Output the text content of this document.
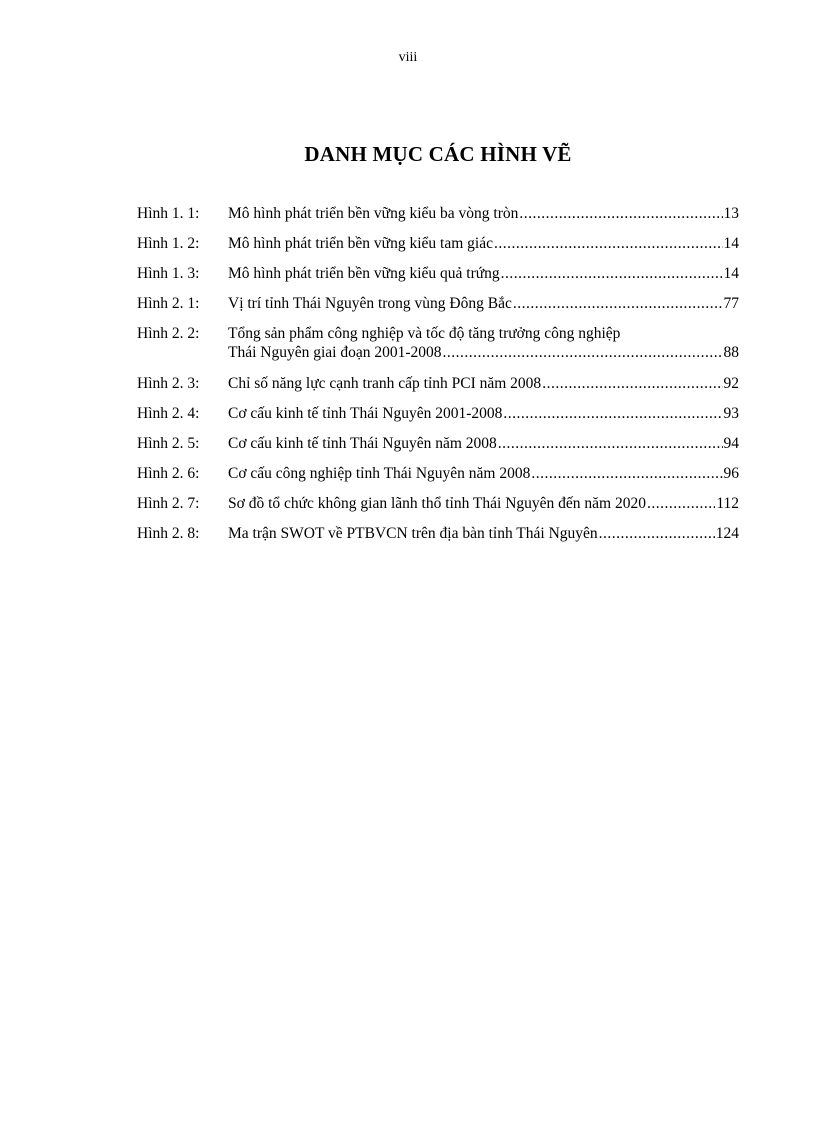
viii
DANH MỤC CÁC HÌNH VẼ
Hình 1. 1:	Mô hình phát triển bền vững kiểu ba vòng tròn .....	13
Hình 1. 2:	Mô hình phát triển bền vững kiểu tam giác .....	14
Hình 1. 3:	Mô hình phát triển bền vững kiểu quả trứng .....	14
Hình 2. 1:	Vị trí tỉnh Thái Nguyên trong vùng Đông Bắc .....	77
Hình 2. 2:	Tổng sản phẩm công nghiệp và tốc độ tăng trưởng công nghiệp
Thái Nguyên giai đoạn 2001-2008 .....	88
Hình 2. 3:	Chỉ số năng lực cạnh tranh cấp tỉnh PCI năm 2008 .....	92
Hình 2. 4:	Cơ cấu kinh tế tỉnh Thái Nguyên 2001-2008 .....	93
Hình 2. 5:	Cơ cấu kinh tế tỉnh Thái Nguyên năm 2008 .....	94
Hình 2. 6:	Cơ cấu công nghiệp tỉnh Thái Nguyên năm 2008 .....	96
Hình 2. 7:	Sơ đồ tổ chức không gian lãnh thổ tỉnh Thái Nguyên đến năm 2020 .....	112
Hình 2. 8:	Ma trận SWOT về PTBVCN trên địa bàn tỉnh Thái Nguyên .....	124
